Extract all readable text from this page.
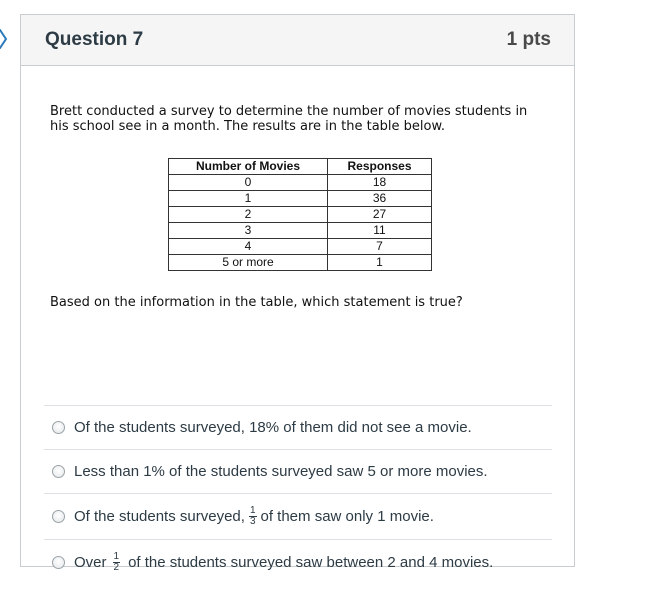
Question 7	1 pts

Brett conducted a survey to determine the number of movies students in his school see in a month. The results are in the table below.

Number of Movies	Responses
0	18
1	36
2	27
3	11
4	7
5 or more	1

Based on the information in the table, which statement is true?

Of the students surveyed, 18% of them did not see a movie.
Less than 1% of the students surveyed saw 5 or more movies.
Of the students surveyed, $\frac{1}{3}$ of them saw only 1 movie.
Over $\frac{1}{2}$ of the students surveyed saw between 2 and 4 movies.
